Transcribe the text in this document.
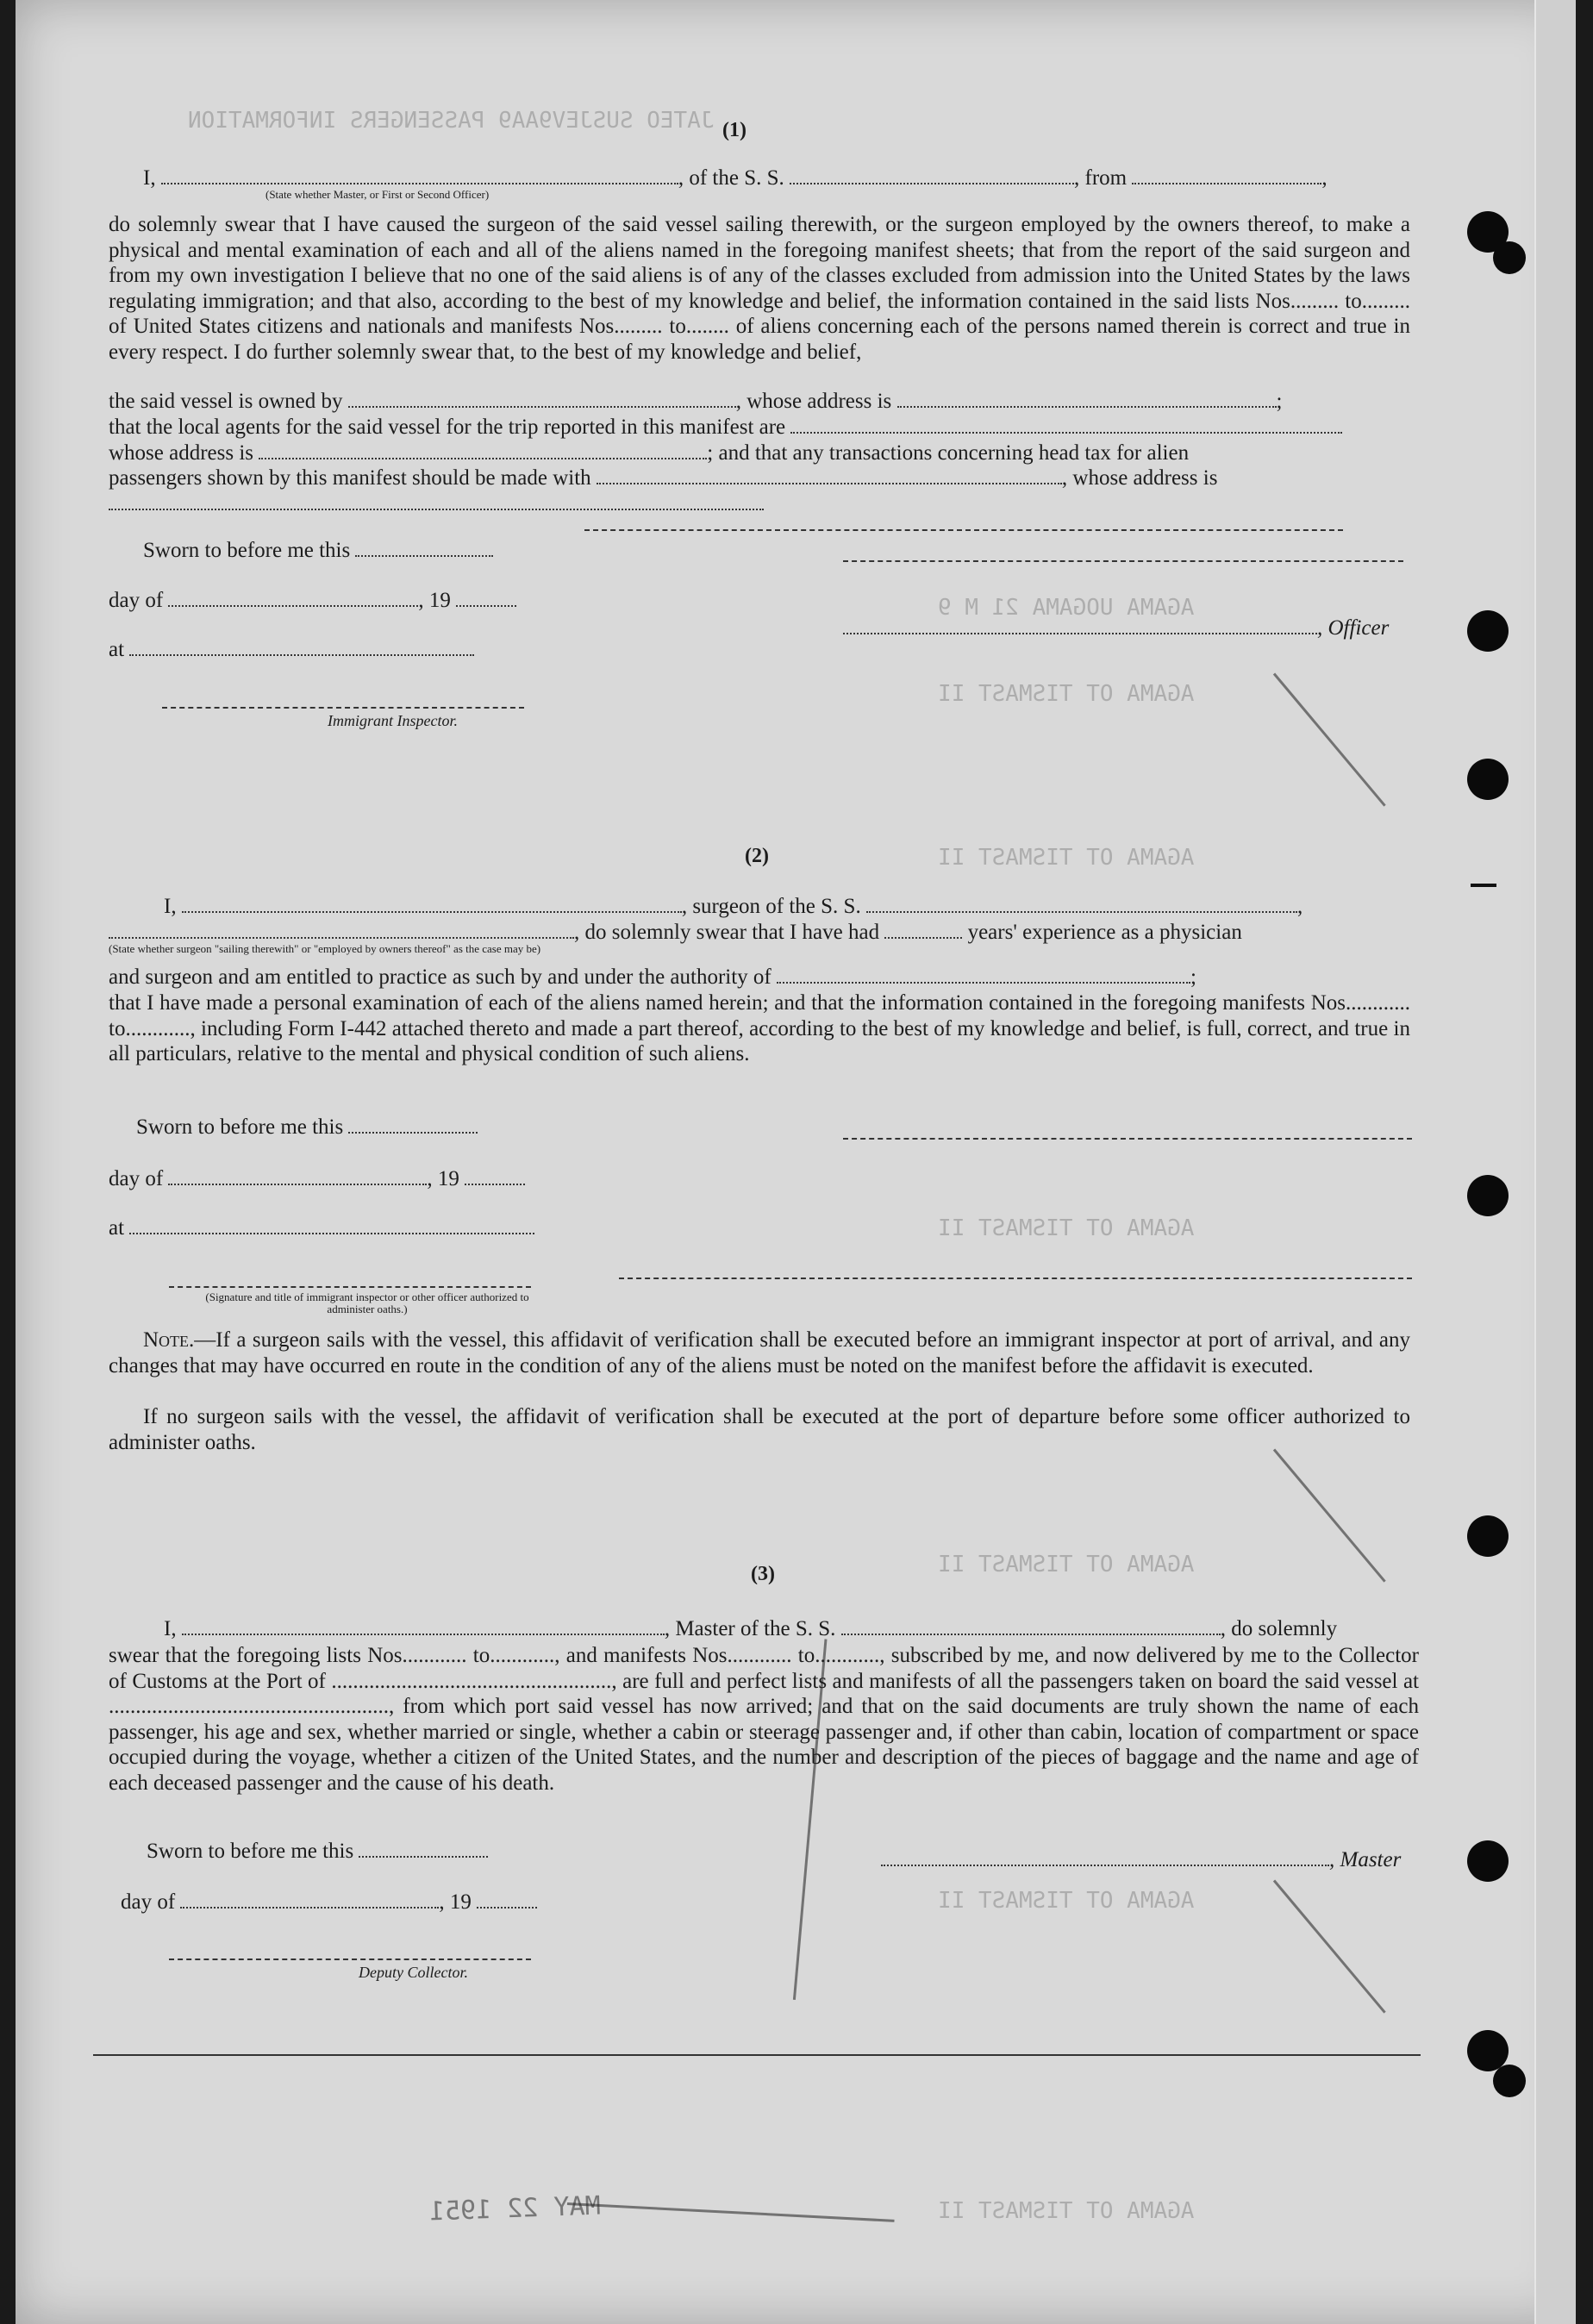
JATEO SUSJEV9AA9 PASSENGERS INFORMATION
AGAMA UOGAMA 21 M 9
AGAMA OT TISMAST II
AGAMA OT TISMAST II
AGAMA OT TISMAST II
AGAMA OT TISMAST II
AGAMA OT TISMAST II
AGAMA OT TISMAST II
(1)
I,	, of the S. S.	, from	,
(State whether Master, or First or Second Officer)
do solemnly swear that I have caused the surgeon of the said vessel sailing therewith, or the surgeon employed by the owners thereof, to make a physical and mental examination of each and all of the aliens named in the foregoing manifest sheets; that from the report of the said surgeon and from my own investigation I believe that no one of the said aliens is of any of the classes excluded from admission into the United States by the laws regulating immigration; and that also, according to the best of my knowledge and belief, the information contained in the said lists Nos......... to......... of United States citizens and nationals and manifests Nos......... to........ of aliens concerning each of the persons named therein is correct and true in every respect. I do further solemnly swear that, to the best of my knowledge and belief,
the said vessel is owned by	, whose address is	;
that the local agents for the said vessel for the trip reported in this manifest are
whose address is	; and that any transactions concerning head tax for alien
passengers shown by this manifest should be made with	, whose address is
Sworn to before me this
day of	, 19
, Officer
at
Immigrant Inspector.
(2)
I,	, surgeon of the S. S.	,
, do solemnly swear that I have had	years' experience as a physician
(State whether surgeon "sailing therewith" or "employed by owners thereof" as the case may be)
and surgeon and am entitled to practice as such by and under the authority of	;
that I have made a personal examination of each of the aliens named herein; and that the information contained in the foregoing manifests Nos............ to............, including Form I-442 attached thereto and made a part thereof, according to the best of my knowledge and belief, is full, correct, and true in all particulars, relative to the mental and physical condition of such aliens.
Sworn to before me this
day of	, 19
at
(Signature and title of immigrant inspector or other officer authorized to administer oaths.)
Note.—If a surgeon sails with the vessel, this affidavit of verification shall be executed before an immigrant inspector at port of arrival, and any changes that may have occurred en route in the condition of any of the aliens must be noted on the manifest before the affidavit is executed.
If no surgeon sails with the vessel, the affidavit of verification shall be executed at the port of departure before some officer authorized to administer oaths.
(3)
I,	, Master of the S. S.	, do solemnly
swear that the foregoing lists Nos............ to............, and manifests Nos............ to............, subscribed by me, and now delivered by me to the Collector of Customs at the Port of ...................................................., are full and perfect lists and manifests of all the passengers taken on board the said vessel at ...................................................., from which port said vessel has now arrived; and that on the said documents are truly shown the name of each passenger, his age and sex, whether married or single, whether a cabin or steerage passenger and, if other than cabin, location of compartment or space occupied during the voyage, whether a citizen of the United States, and the number and description of the pieces of baggage and the name and age of each deceased passenger and the cause of his death.
Sworn to before me this	, Master
day of	, 19
Deputy Collector.
MAY 22 1951
